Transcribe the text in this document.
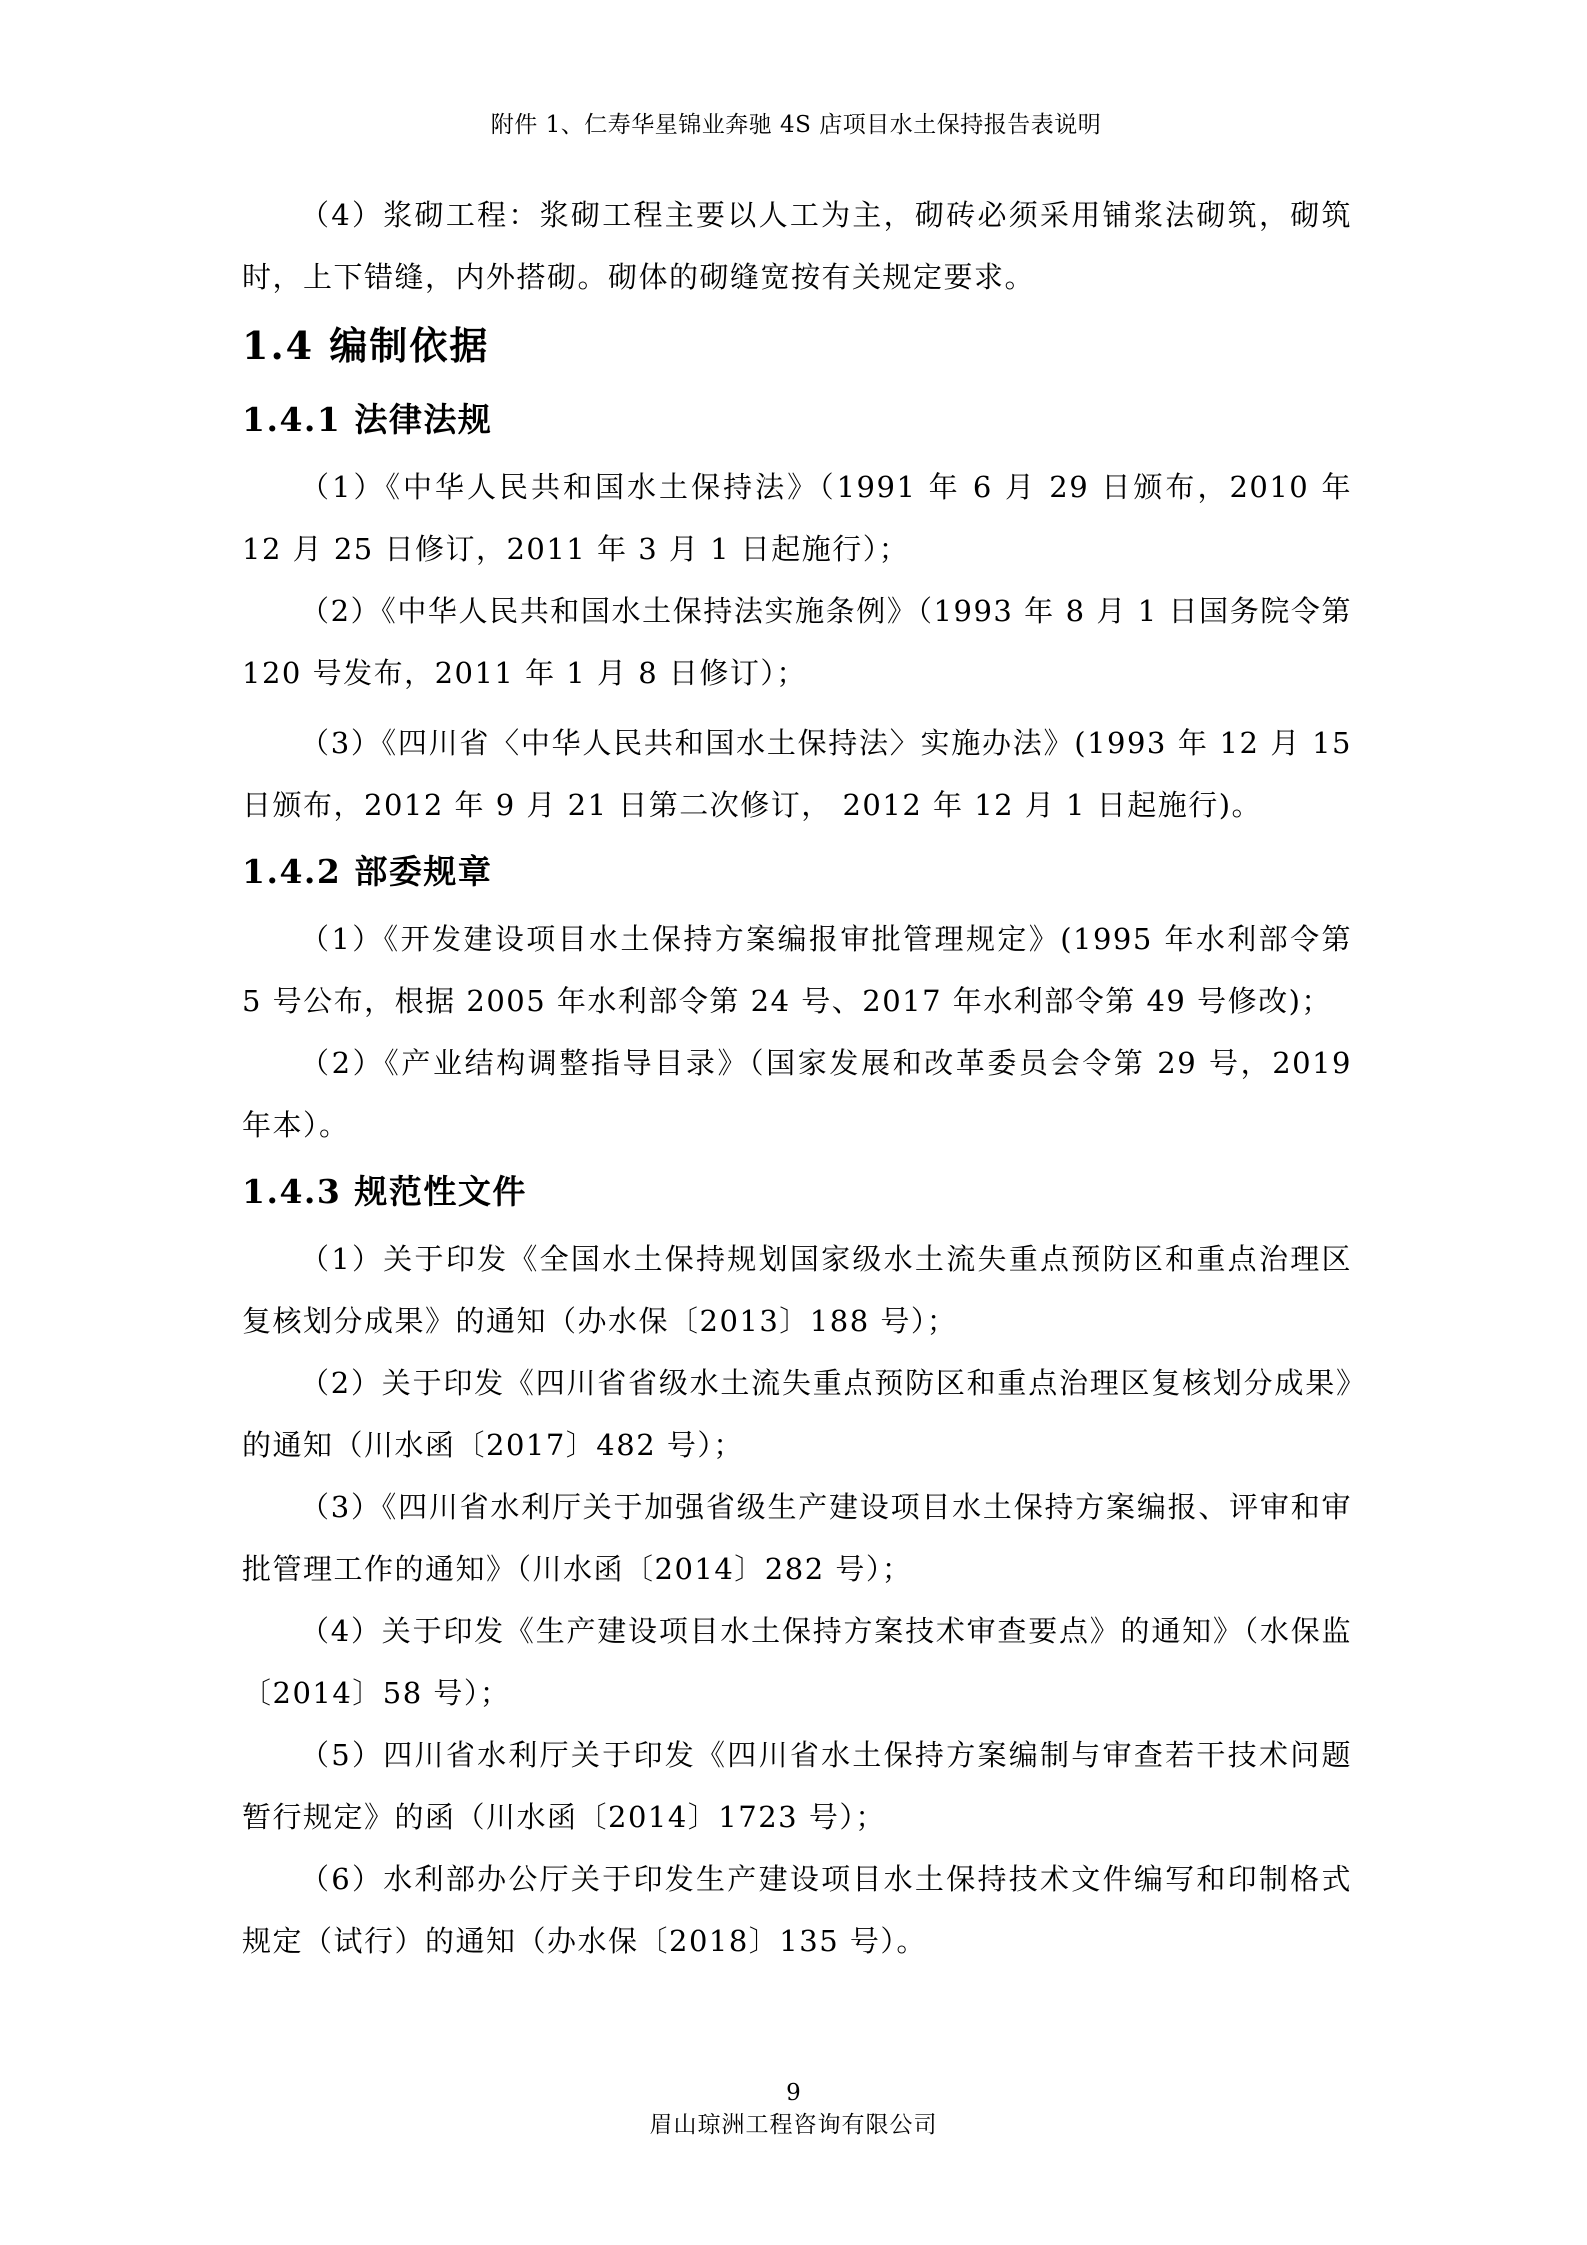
附件 1、仁寿华星锦业奔驰 4S 店项目水土保持报告表说明

（4）浆砌工程：浆砌工程主要以人工为主，砌砖必须采用铺浆法砌筑，砌筑时，上下错缝，内外搭砌。砌体的砌缝宽按有关规定要求。

1.4 编制依据
1.4.1 法律法规

（1）《中华人民共和国水土保持法》（1991 年 6 月 29 日颁布，2010 年 12 月 25 日修订，2011 年 3 月 1 日起施行）；

（2）《中华人民共和国水土保持法实施条例》（1993 年 8 月 1 日国务院令第 120 号发布，2011 年 1 月 8 日修订）；

（3）《四川省〈中华人民共和国水土保持法〉实施办法》(1993 年 12 月 15 日颁布，2012 年 9 月 21 日第二次修订， 2012 年 12 月 1 日起施行)。

1.4.2 部委规章

（1）《开发建设项目水土保持方案编报审批管理规定》(1995 年水利部令第 5 号公布，根据 2005 年水利部令第 24 号、2017 年水利部令第 49 号修改)；

（2）《产业结构调整指导目录》（国家发展和改革委员会令第 29 号，2019 年本）。

1.4.3 规范性文件

（1）关于印发《全国水土保持规划国家级水土流失重点预防区和重点治理区复核划分成果》的通知（办水保〔2013〕188 号）；

（2）关于印发《四川省省级水土流失重点预防区和重点治理区复核划分成果》的通知（川水函〔2017〕482 号）；

（3）《四川省水利厅关于加强省级生产建设项目水土保持方案编报、评审和审批管理工作的通知》（川水函〔2014〕282 号）；

（4）关于印发《生产建设项目水土保持方案技术审查要点》的通知》（水保监〔2014〕58 号）；

（5）四川省水利厅关于印发《四川省水土保持方案编制与审查若干技术问题暂行规定》的函（川水函〔2014〕1723 号）；

（6）水利部办公厅关于印发生产建设项目水土保持技术文件编写和印制格式规定（试行）的通知（办水保〔2018〕135 号）。

9
眉山琼洲工程咨询有限公司
